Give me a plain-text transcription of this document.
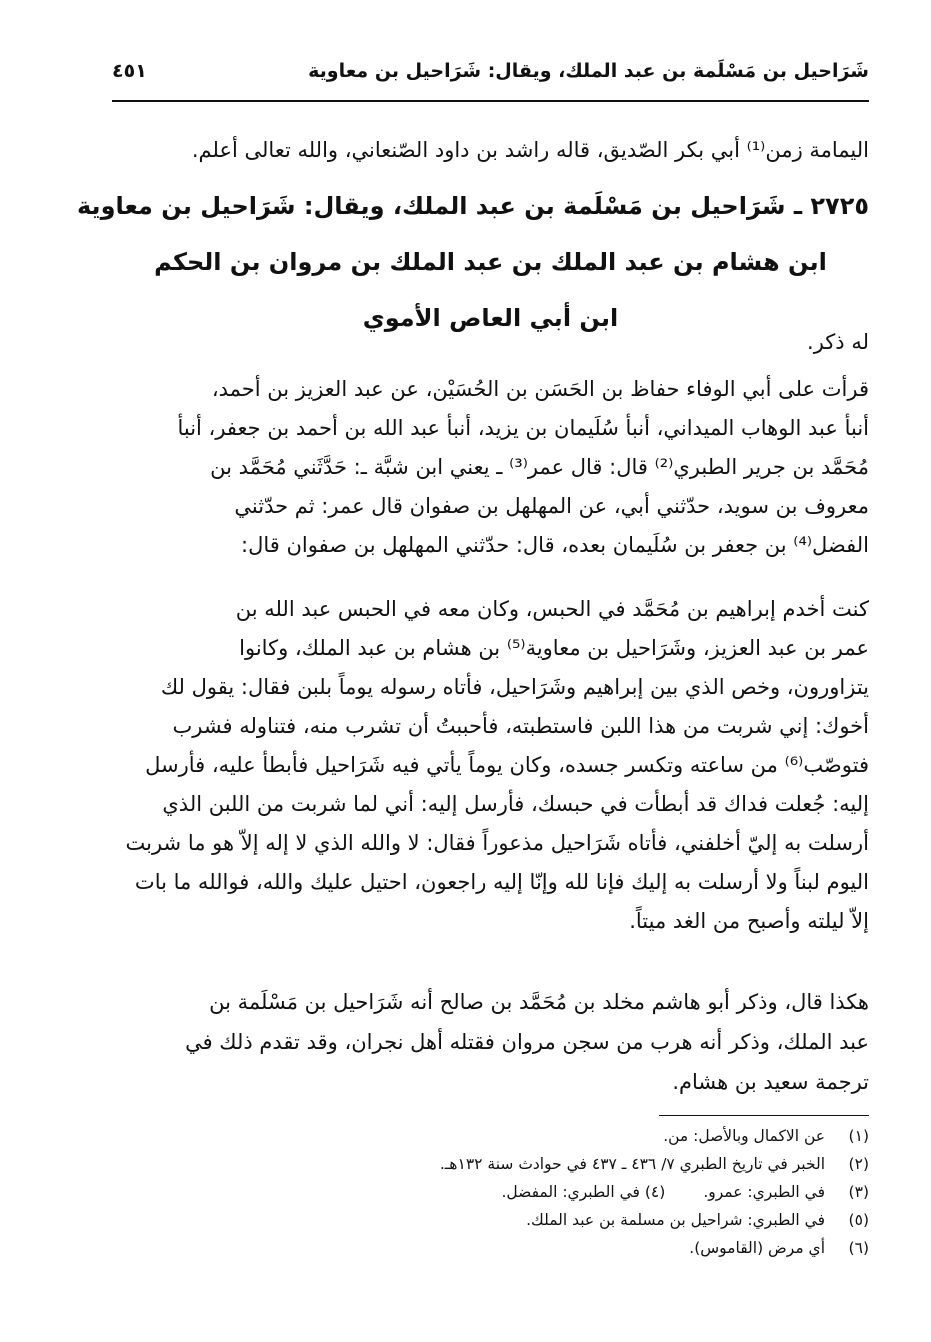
شَرَاحيل بن مَسْلَمة بن عبد الملك، ويقال: شَرَاحيل بن معاوية
٤٥١
اليمامة زمن⁽¹⁾ أبي بكر الصّديق، قاله راشد بن داود الصّنعاني، والله تعالى أعلم.
٢٧٢٥ ـ شَرَاحيل بن مَسْلَمة بن عبد الملك، ويقال: شَرَاحيل بن معاوية
ابن هشام بن عبد الملك بن عبد الملك بن مروان بن الحكم
ابن أبي العاص الأموي
له ذكر.
قرأت على أبي الوفاء حفاظ بن الحَسَن بن الحُسَيْن، عن عبد العزيز بن أحمد،
أنبأ عبد الوهاب الميداني، أنبأ سُلَيمان بن يزيد، أنبأ عبد الله بن أحمد بن جعفر، أنبأ
مُحَمَّد بن جرير الطبري⁽²⁾ قال: قال عمر⁽³⁾ ـ يعني ابن شبَّة ـ: حَدَّثَني مُحَمَّد بن
معروف بن سويد، حدّثني أبي، عن المهلهل بن صفوان قال عمر: ثم حدّثني
الفضل⁽⁴⁾ بن جعفر بن سُلَيمان بعده، قال: حدّثني المهلهل بن صفوان قال:
كنت أخدم إبراهيم بن مُحَمَّد في الحبس، وكان معه في الحبس عبد الله بن
عمر بن عبد العزيز، وشَرَاحيل بن معاوية⁽⁵⁾ بن هشام بن عبد الملك، وكانوا
يتزاورون، وخص الذي بين إبراهيم وشَرَاحيل، فأتاه رسوله يوماً بلبن فقال: يقول لك
أخوك: إني شربت من هذا اللبن فاستطبته، فأحببتُ أن تشرب منه، فتناوله فشرب
فتوصّب⁽⁶⁾ من ساعته وتكسر جسده، وكان يوماً يأتي فيه شَرَاحيل فأبطأ عليه، فأرسل
إليه: جُعلت فداك قد أبطأت في حبسك، فأرسل إليه: أني لما شربت من اللبن الذي
أرسلت به إليّ أخلفني، فأتاه شَرَاحيل مذعوراً فقال: لا والله الذي لا إله إلاّ هو ما شربت
اليوم لبناً ولا أرسلت به إليك فإنا لله وإنّا إليه راجعون، احتيل عليك والله، فوالله ما بات
إلاّ ليلته وأصبح من الغد ميتاً.
هكذا قال، وذكر أبو هاشم مخلد بن مُحَمَّد بن صالح أنه شَرَاحيل بن مَسْلَمة بن
عبد الملك، وذكر أنه هرب من سجن مروان فقتله أهل نجران، وقد تقدم ذلك في
ترجمة سعيد بن هشام.
(١)عن الاكمال وبالأصل: من.
(٢)الخبر في تاريخ الطبري ٧/ ٤٣٦ ـ ٤٣٧ في حوادث سنة ١٣٢هـ.
(٣)في الطبري: عمرو.(٤) في الطبري: المفضل.
(٥)في الطبري: شراحيل بن مسلمة بن عبد الملك.
(٦)أي مرض (القاموس).
